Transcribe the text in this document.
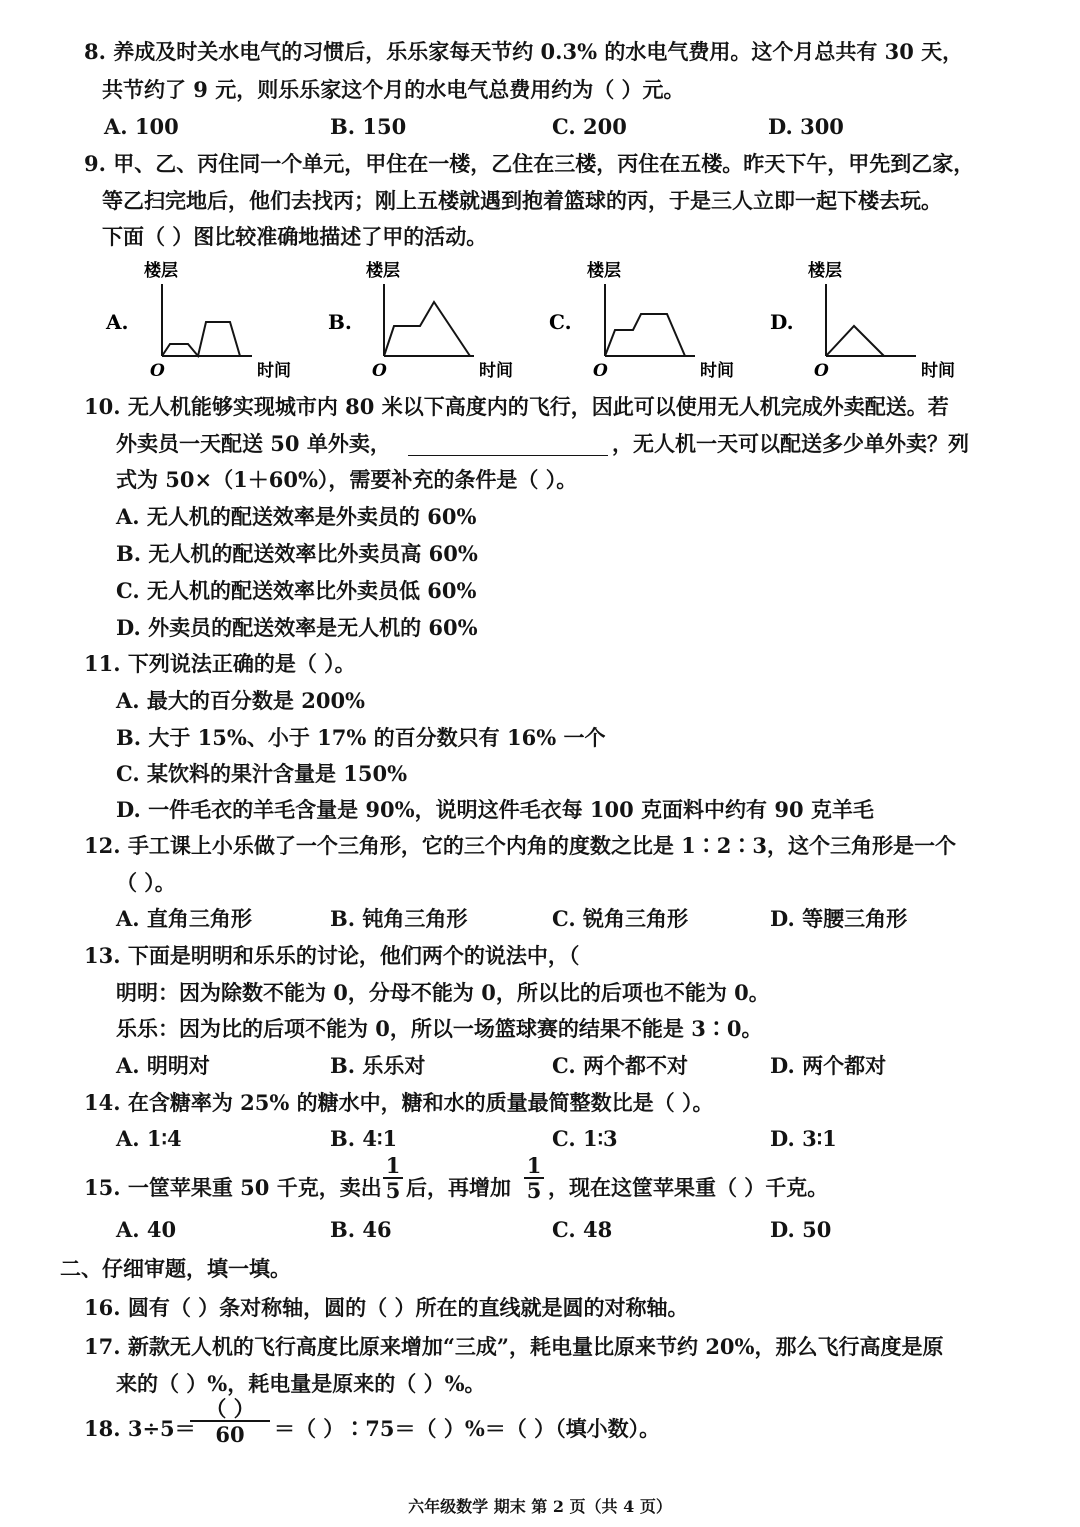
8. 养成及时关水电气的习惯后，乐乐家每天节约 0.3% 的水电气费用。这个月总共有 30 天，
共节约了 9 元，则乐乐家这个月的水电气总费用约为（ ）元。
A. 100	B. 150	C. 200	D. 300
9. 甲、乙、丙住同一个单元，甲住在一楼，乙住在三楼，丙住在五楼。昨天下午，甲先到乙家，
等乙扫完地后，他们去找丙；刚上五楼就遇到抱着篮球的丙，于是三人立即一起下楼去玩。
下面（ ）图比较准确地描述了甲的活动。
A.
楼层
O	时间
B.
楼层
O	时间
C.
楼层
O	时间
D.
楼层
O	时间
10. 无人机能够实现城市内 80 米以下高度内的飞行，因此可以使用无人机完成外卖配送。若
外卖员一天配送 50 单外卖，	，无人机一天可以配送多少单外卖？列
式为 50×（1＋60%），需要补充的条件是（ ）。
A. 无人机的配送效率是外卖员的 60%
B. 无人机的配送效率比外卖员高 60%
C. 无人机的配送效率比外卖员低 60%
D. 外卖员的配送效率是无人机的 60%
11. 下列说法正确的是（ ）。
A. 最大的百分数是 200%
B. 大于 15%、小于 17% 的百分数只有 16% 一个
C. 某饮料的果汁含量是 150%
D. 一件毛衣的羊毛含量是 90%，说明这件毛衣每 100 克面料中约有 90 克羊毛
12. 手工课上小乐做了一个三角形，它的三个内角的度数之比是 1∶2∶3，这个三角形是一个
（ ）。
A. 直角三角形	B. 钝角三角形	C. 锐角三角形	D. 等腰三角形
13. 下面是明明和乐乐的讨论，他们两个的说法中，（
明明：因为除数不能为 0，分母不能为 0，所以比的后项也不能为 0。
乐乐：因为比的后项不能为 0，所以一场篮球赛的结果不能是 3∶0。
A. 明明对	B. 乐乐对	C. 两个都不对	D. 两个都对
14. 在含糖率为 25% 的糖水中，糖和水的质量最简整数比是（ ）。
A. 1∶4	B. 4∶1	C. 1∶3	D. 3∶1
15. 一筐苹果重 50 千克，卖出 $\frac{1}{5}$ 后，再增加 $\frac{1}{5}$ ，现在这筐苹果重（ ）千克。
A. 40	B. 46	C. 48	D. 50
二、仔细审题，填一填。
16. 圆有（ ）条对称轴，圆的（ ）所在的直线就是圆的对称轴。
17. 新款无人机的飞行高度比原来增加“三成”，耗电量比原来节约 20%，那么飞行高度是原
来的（ ）%，耗电量是原来的（ ）%。
18. 3÷5＝
（ ）
60	＝（ ）∶75＝（ ）%＝（ ）（填小数）。
六年级数学 期末 第 2 页（共 4 页）
